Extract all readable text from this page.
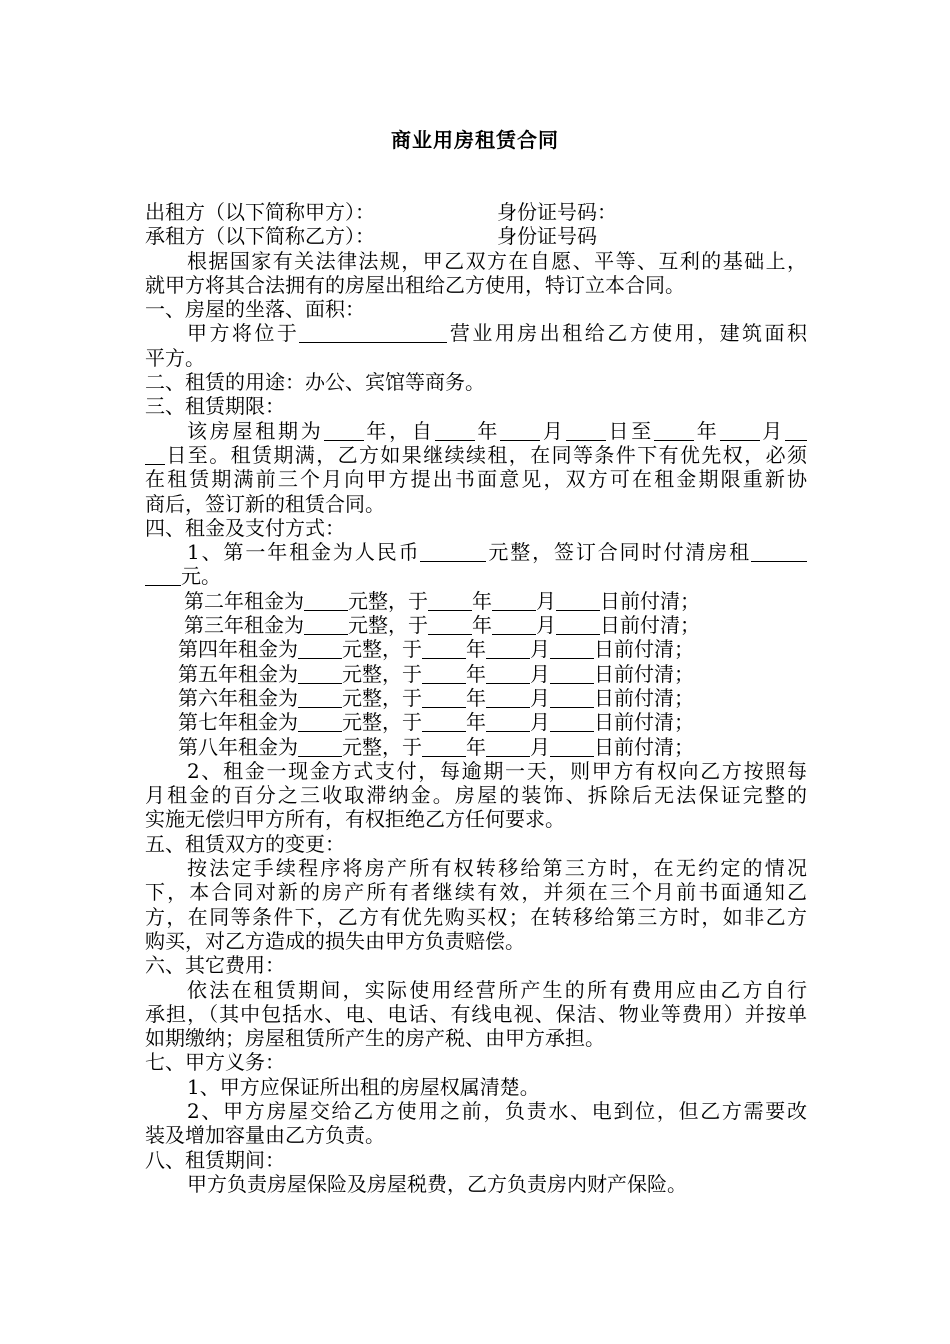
商业用房租赁合同
出租方（以下简称甲方）：	身份证号码：
承租方（以下简称乙方）：	身份证号码
根据国家有关法律法规，甲乙双方在自愿、平等、互利的基础上，
就甲方将其合法拥有的房屋出租给乙方使用，特订立本合同。
一、房屋的坐落、面积：
甲方将位于	营业用房出租给乙方使用，建筑面积
平方。
二、租赁的用途：办公、宾馆等商务。
三、租赁期限：
该房屋租期为 年，自 年 月 日至 年 月
日至。租赁期满，乙方如果继续续租，在同等条件下有优先权，必须
在租赁期满前三个月向甲方提出书面意见，双方可在租金期限重新协
商后，签订新的租赁合同。
四、租金及支付方式：
1、第一年租金为人民币	元整，签订合同时付清房租
元。
第二年租金为 元整，于 年 月 日前付清；
第三年租金为 元整，于 年 月 日前付清；
第四年租金为 元整，于 年 月 日前付清；
第五年租金为 元整，于 年 月 日前付清；
第六年租金为 元整，于 年 月 日前付清；
第七年租金为 元整，于 年 月 日前付清；
第八年租金为 元整，于 年 月 日前付清；
2、租金一现金方式支付，每逾期一天，则甲方有权向乙方按照每
月租金的百分之三收取滞纳金。房屋的装饰、拆除后无法保证完整的
实施无偿归甲方所有，有权拒绝乙方任何要求。
五、租赁双方的变更：
按法定手续程序将房产所有权转移给第三方时，在无约定的情况
下，本合同对新的房产所有者继续有效，并须在三个月前书面通知乙
方，在同等条件下，乙方有优先购买权；在转移给第三方时，如非乙方
购买，对乙方造成的损失由甲方负责赔偿。
六、其它费用：
依法在租赁期间，实际使用经营所产生的所有费用应由乙方自行
承担，（其中包括水、电、电话、有线电视、保洁、物业等费用）并按单
如期缴纳；房屋租赁所产生的房产税、由甲方承担。
七、甲方义务：
1、甲方应保证所出租的房屋权属清楚。
2、甲方房屋交给乙方使用之前，负责水、电到位，但乙方需要改
装及增加容量由乙方负责。
八、租赁期间：
甲方负责房屋保险及房屋税费，乙方负责房内财产保险。
